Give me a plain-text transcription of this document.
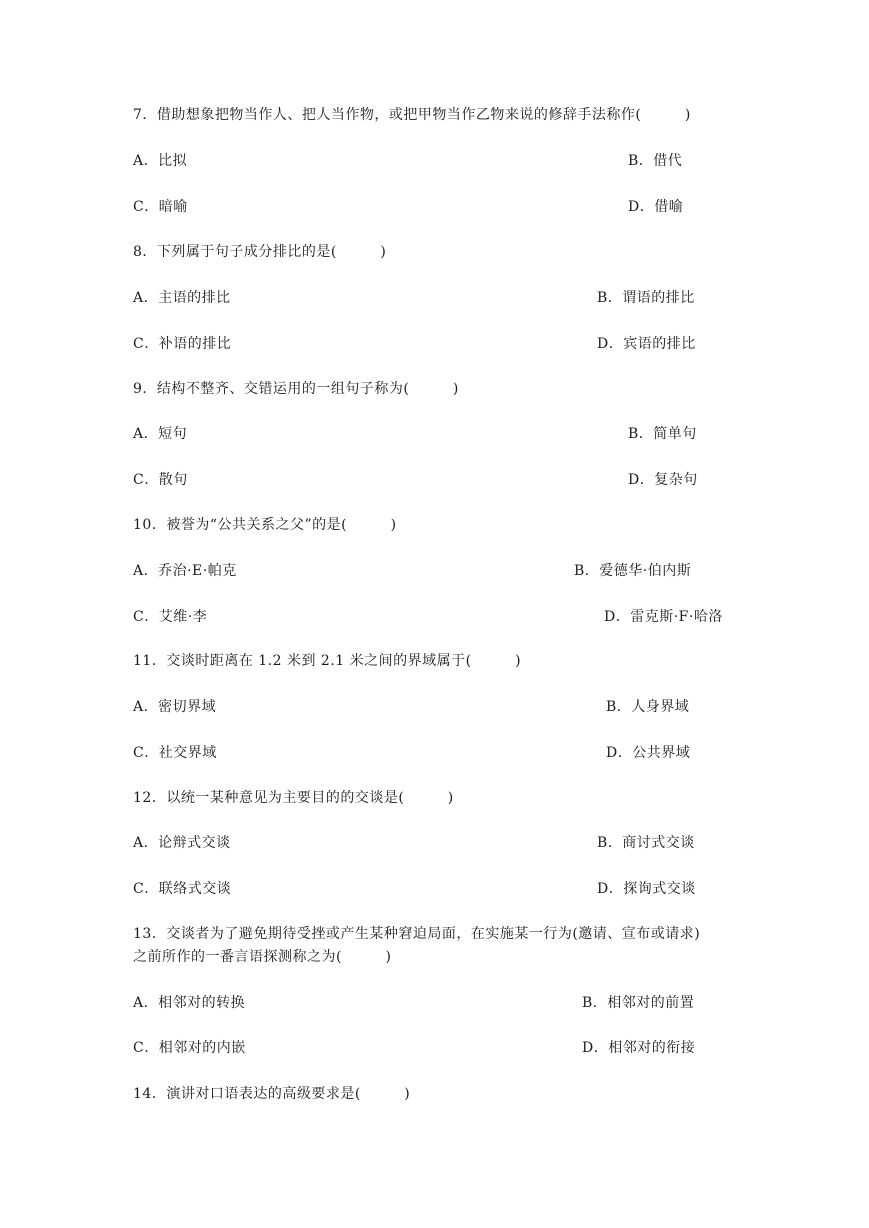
7．借助想象把物当作人、把人当作物，或把甲物当作乙物来说的修辞手法称作(　　　)
A．比拟	B．借代
C．暗喻	D．借喻
8．下列属于句子成分排比的是(　　　)
A．主语的排比	B．谓语的排比
C．补语的排比	D．宾语的排比
9．结构不整齐、交错运用的一组句子称为(　　　)
A．短句	B．简单句
C．散句	D．复杂句
10．被誉为“公共关系之父”的是(　　　)
A．乔治·E·帕克	B．爱德华·伯内斯
C．艾维·李	D．雷克斯·F·哈洛
11．交谈时距离在 1.2 米到 2.1 米之间的界域属于(　　　)
A．密切界域	B．人身界域
C．社交界域	D．公共界域
12．以统一某种意见为主要目的的交谈是(　　　)
A．论辩式交谈	B．商讨式交谈
C．联络式交谈	D．探询式交谈
13．交谈者为了避免期待受挫或产生某种窘迫局面，在实施某一行为(邀请、宣布或请求)
之前所作的一番言语探测称之为(　　　)
A．相邻对的转换	B．相邻对的前置
C．相邻对的内嵌	D．相邻对的衔接
14．演讲对口语表达的高级要求是(　　　)
